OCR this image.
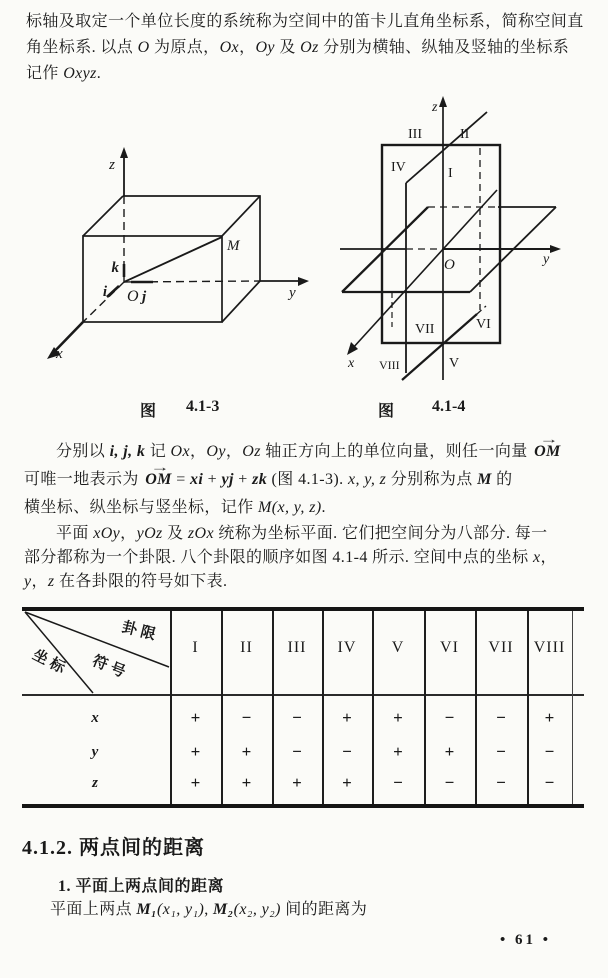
标轴及取定一个单位长度的系统称为空间中的笛卡儿直角坐标系，简称空间直
角坐标系. 以点 O 为原点，Ox，Oy 及 Oz 分别为横轴、纵轴及竖轴的坐标系
记作 Oxyz.
z
M
k
i O j	y
x
z
y
x
O
I
II
III
IV
V
VI
VII
VIII
图 4.1-3	图 4.1-4
分别以 i, j, k 记 Ox，Oy，Oz 轴正方向上的单位向量，则任一向量
→
OM
可唯一地表示为
→
OM = xi + yj + zk (图 4.1-3). x, y, z 分别称为点 M 的
横坐标、纵坐标与竖坐标，记作 M(x, y, z).
平面 xOy，yOz 及 zOx 统称为坐标平面. 它们把空间分为八部分. 每一
部分都称为一个卦限. 八个卦限的顺序如图 4.1-4 所示. 空间中点的坐标 x，
y，z 在各卦限的符号如下表.
卦限
符号
坐标	I	II III IV V VI VII VIII
x	+ − − + + − − +
y	+ + − − + + − −
z	+ + + + − − − −
4.1.2. 两点间的距离
1. 平面上两点间的距离
平面上两点 M₁(x₁, y₁), M₂(x₂, y₂) 间的距离为
• 61 •
